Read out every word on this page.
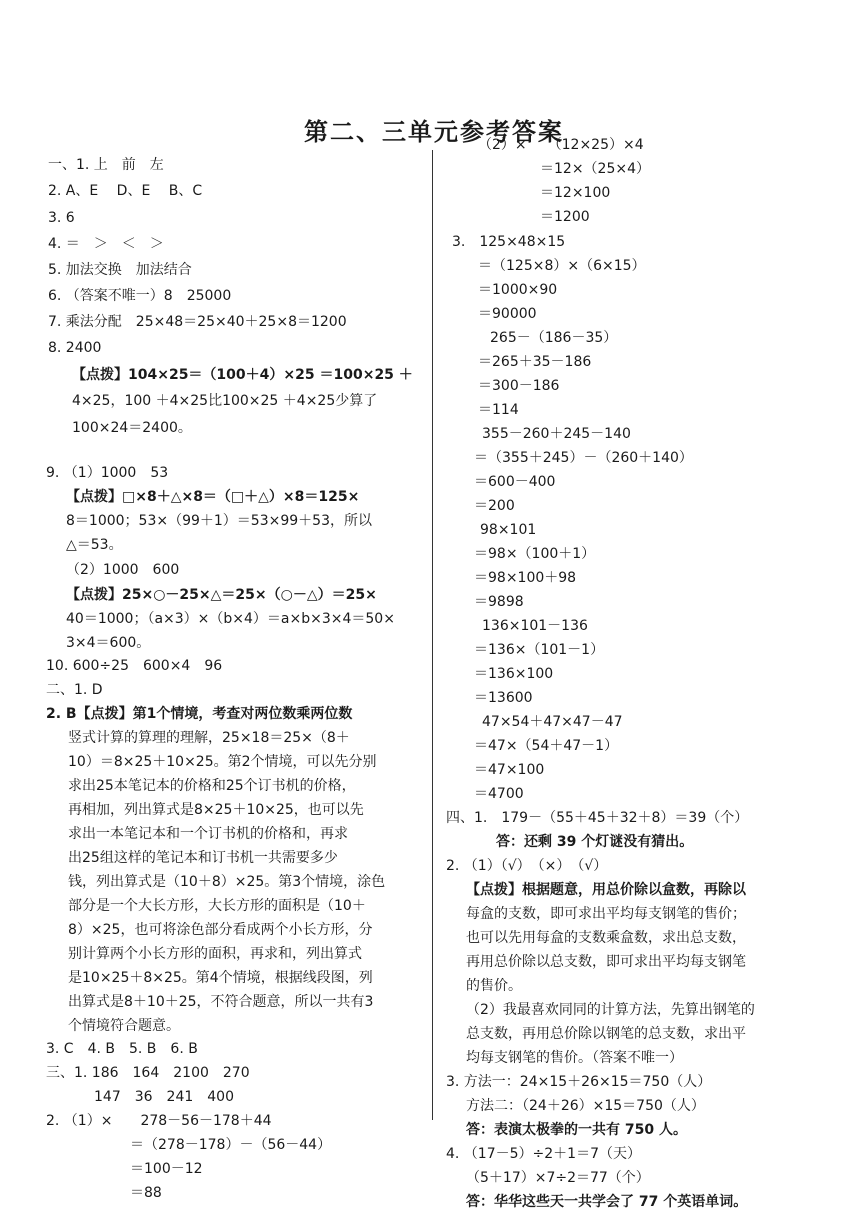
第二、三单元参考答案
一、1. 上　前　左
2. A、E　 D、E　 B、C
3. 6
4. ＝　＞　＜　＞
5. 加法交换　加法结合
6. （答案不唯一）8　25000
7. 乘法分配　25×48＝25×40＋25×8＝1200
8. 2400
【点拨】104×25＝（100＋4）×25 ＝100×25 ＋
4×25，100 ＋4×25比100×25 ＋4×25少算了
100×24＝2400。
9. （1）1000　53
【点拨】□×8＋△×8＝（□＋△）×8＝125×
8＝1000；53×（99＋1）＝53×99＋53，所以
△＝53。
（2）1000　600
【点拨】25×○－25×△＝25×（○－△）＝25×
40＝1000；（a×3）×（b×4）＝a×b×3×4＝50×
3×4＝600。
10. 600÷25　600×4　96
二、1. D
2. B【点拨】第1个情境，考查对两位数乘两位数
竖式计算的算理的理解，25×18＝25×（8＋
10）＝8×25＋10×25。第2个情境，可以先分别
求出25本笔记本的价格和25个订书机的价格，
再相加，列出算式是8×25＋10×25，也可以先
求出一本笔记本和一个订书机的价格和，再求
出25组这样的笔记本和订书机一共需要多少
钱，列出算式是（10＋8）×25。第3个情境，涂色
部分是一个大长方形，大长方形的面积是（10＋
8）×25，也可将涂色部分看成两个小长方形，分
别计算两个小长方形的面积，再求和，列出算式
是10×25＋8×25。第4个情境，根据线段图，列
出算式是8＋10＋25，不符合题意，所以一共有3
个情境符合题意。
3. C　4. B　5. B　6. B
三、1. 186　164　2100　270
147　36　241　400
2. （1）×　　278－56－178＋44
＝（278－178）－（56－44）
＝100－12
＝88
（2）×　　（12×25）×4
＝12×（25×4）
＝12×100
＝1200
3.　125×48×15
＝（125×8）×（6×15）
＝1000×90
＝90000
265－（186－35）
＝265＋35－186
＝300－186
＝114
355－260＋245－140
＝（355＋245）－（260＋140）
＝600－400
＝200
98×101
＝98×（100＋1）
＝98×100＋98
＝9898
136×101－136
＝136×（101－1）
＝136×100
＝13600
47×54＋47×47－47
＝47×（54＋47－1）
＝47×100
＝4700
四、1.　179－（55＋45＋32＋8）＝39（个）
答：还剩 39 个灯谜没有猜出。
2. （1）（√）　（×）　（√）
【点拨】根据题意，用总价除以盒数，再除以
每盒的支数，即可求出平均每支钢笔的售价；
也可以先用每盒的支数乘盒数，求出总支数，
再用总价除以总支数，即可求出平均每支钢笔
的售价。
（2）我最喜欢同同的计算方法，先算出钢笔的
总支数，再用总价除以钢笔的总支数，求出平
均每支钢笔的售价。（答案不唯一）
3. 方法一：24×15＋26×15＝750（人）
方法二：（24＋26）×15＝750（人）
答：表演太极拳的一共有 750 人。
4. （17－5）÷2＋1＝7（天）
（5＋17）×7÷2＝77（个）
答：华华这些天一共学会了 77 个英语单词。
